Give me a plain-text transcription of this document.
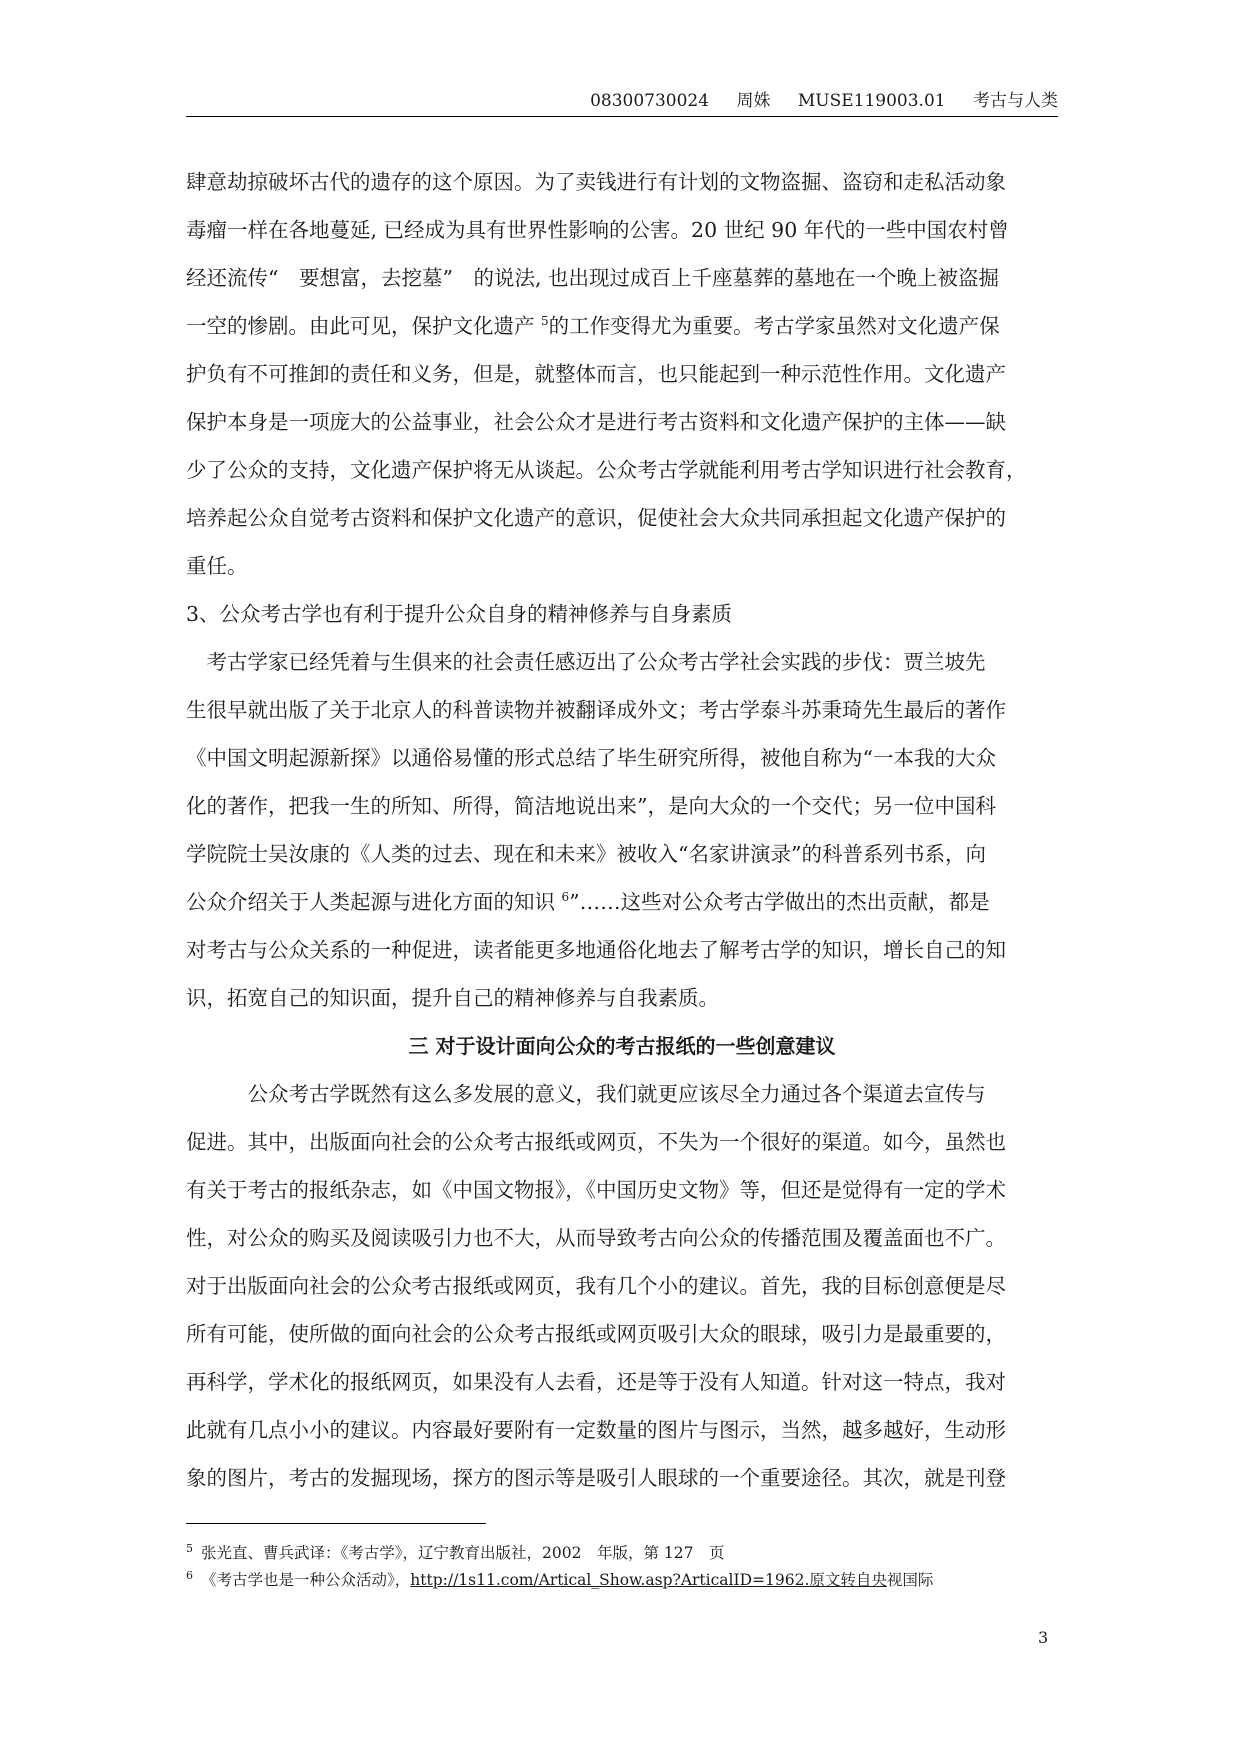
08300730024 周姝 MUSE119003.01 考古与人类
肆意劫掠破坏古代的遗存的这个原因。为了卖钱进行有计划的文物盗掘、盗窃和走私活动象
毒瘤一样在各地蔓延, 已经成为具有世界性影响的公害。20 世纪 90 年代的一些中国农村曾
经还流传“　要想富，去挖墓”　的说法, 也出现过成百上千座墓葬的墓地在一个晚上被盗掘
一空的惨剧。由此可见，保护文化遗产 $^5$的工作变得尤为重要。考古学家虽然对文化遗产保
护负有不可推卸的责任和义务，但是，就整体而言，也只能起到一种示范性作用。文化遗产
保护本身是一项庞大的公益事业，社会公众才是进行考古资料和文化遗产保护的主体——缺
少了公众的支持，文化遗产保护将无从谈起。公众考古学就能利用考古学知识进行社会教育，
培养起公众自觉考古资料和保护文化遗产的意识，促使社会大众共同承担起文化遗产保护的
重任。
3、公众考古学也有利于提升公众自身的精神修养与自身素质
　考古学家已经凭着与生俱来的社会责任感迈出了公众考古学社会实践的步伐：贾兰坡先
生很早就出版了关于北京人的科普读物并被翻译成外文；考古学泰斗苏秉琦先生最后的著作
《中国文明起源新探》以通俗易懂的形式总结了毕生研究所得，被他自称为“一本我的大众
化的著作，把我一生的所知、所得，简洁地说出来”，是向大众的一个交代；另一位中国科
学院院士吴汝康的《人类的过去、现在和未来》被收入“名家讲演录”的科普系列书系，向
公众介绍关于人类起源与进化方面的知识 $^6$”……这些对公众考古学做出的杰出贡献，都是
对考古与公众关系的一种促进，读者能更多地通俗化地去了解考古学的知识，增长自己的知
识，拓宽自己的知识面，提升自己的精神修养与自我素质。
三 对于设计面向公众的考古报纸的一些创意建议
　　　公众考古学既然有这么多发展的意义，我们就更应该尽全力通过各个渠道去宣传与
促进。其中，出版面向社会的公众考古报纸或网页，不失为一个很好的渠道。如今，虽然也
有关于考古的报纸杂志，如《中国文物报》，《中国历史文物》等，但还是觉得有一定的学术
性，对公众的购买及阅读吸引力也不大，从而导致考古向公众的传播范围及覆盖面也不广。
对于出版面向社会的公众考古报纸或网页，我有几个小的建议。首先，我的目标创意便是尽
所有可能，使所做的面向社会的公众考古报纸或网页吸引大众的眼球，吸引力是最重要的，
再科学，学术化的报纸网页，如果没有人去看，还是等于没有人知道。针对这一特点，我对
此就有几点小小的建议。内容最好要附有一定数量的图片与图示，当然，越多越好，生动形
象的图片，考古的发掘现场，探方的图示等是吸引人眼球的一个重要途径。其次，就是刊登
$^5$ 张光直、曹兵武译：《考古学》，辽宁教育出版社，2002　年版，第 127　页
$^6$ 《考古学也是一种公众活动》，http://1s11.com/Artical_Show.asp?ArticalID=1962.原文转自央视国际
3
